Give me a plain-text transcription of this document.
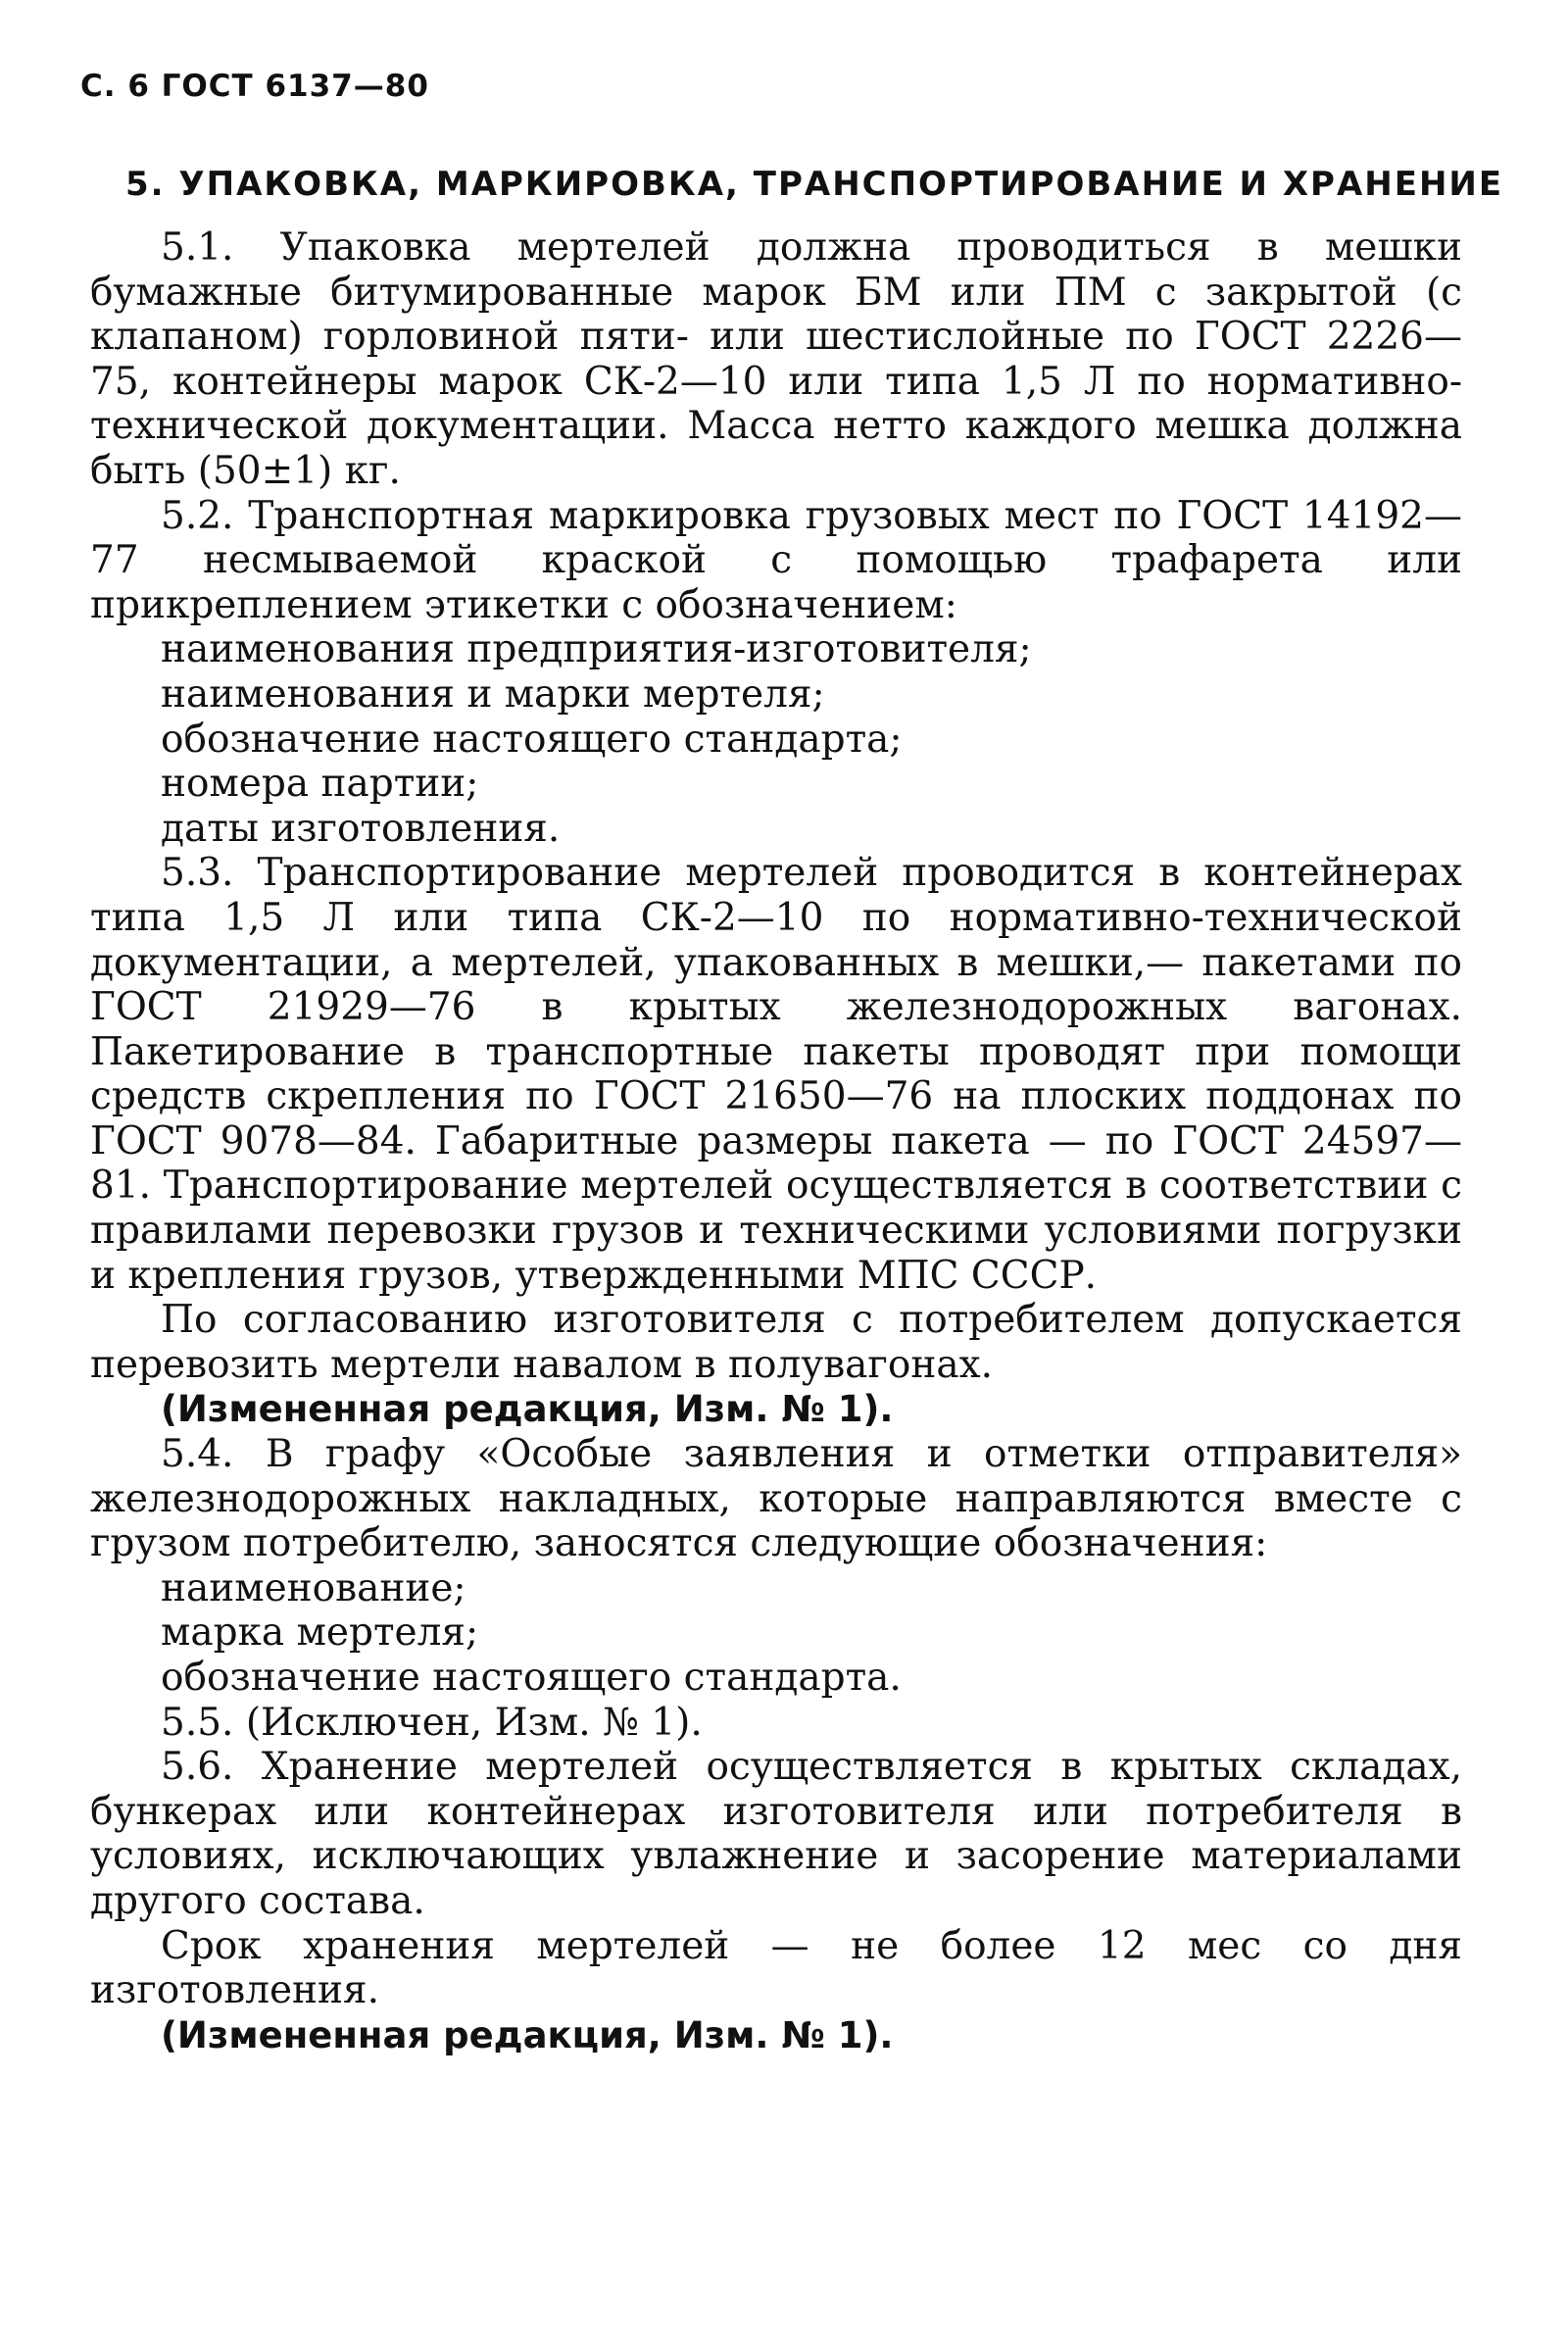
С. 6 ГОСТ 6137—80
5. УПАКОВКА, МАРКИРОВКА, ТРАНСПОРТИРОВАНИЕ И ХРАНЕНИЕ

5.1. Упаковка мертелей должна проводиться в мешки бумажные битумированные марок БМ или ПМ с закрытой (с клапаном) горловиной пяти- или шестислойные по ГОСТ 2226—75, контейнеры марок СК-2—10 или типа 1,5 Л по нормативно-технической документации. Масса нетто каждого мешка должна быть (50±1) кг.

5.2. Транспортная маркировка грузовых мест по ГОСТ 14192—77 несмываемой краской с помощью трафарета или прикреплением этикетки с обозначением:

наименования предприятия-изготовителя;
наименования и марки мертеля;
обозначение настоящего стандарта;
номера партии;
даты изготовления.

5.3. Транспортирование мертелей проводится в контейнерах типа 1,5 Л или типа СК-2—10 по нормативно-технической документации, а мертелей, упакованных в мешки,— пакетами по ГОСТ 21929—76 в крытых железнодорожных вагонах. Пакетирование в транспортные пакеты проводят при помощи средств скрепления по ГОСТ 21650—76 на плоских поддонах по ГОСТ 9078—84. Габаритные размеры пакета — по ГОСТ 24597—81. Транспортирование мертелей осуществляется в соответствии с правилами перевозки грузов и техническими условиями погрузки и крепления грузов, утвержденными МПС СССР.

По согласованию изготовителя с потребителем допускается перевозить мертели навалом в полувагонах.

(Измененная редакция, Изм. № 1).

5.4. В графу «Особые заявления и отметки отправителя» железнодорожных накладных, которые направляются вместе с грузом потребителю, заносятся следующие обозначения:

наименование;
марка мертеля;
обозначение настоящего стандарта.

5.5. (Исключен, Изм. № 1).

5.6. Хранение мертелей осуществляется в крытых складах, бункерах или контейнерах изготовителя или потребителя в условиях, исключающих увлажнение и засорение материалами другого состава.

Срок хранения мертелей — не более 12 мес со дня изготовления.

(Измененная редакция, Изм. № 1).
